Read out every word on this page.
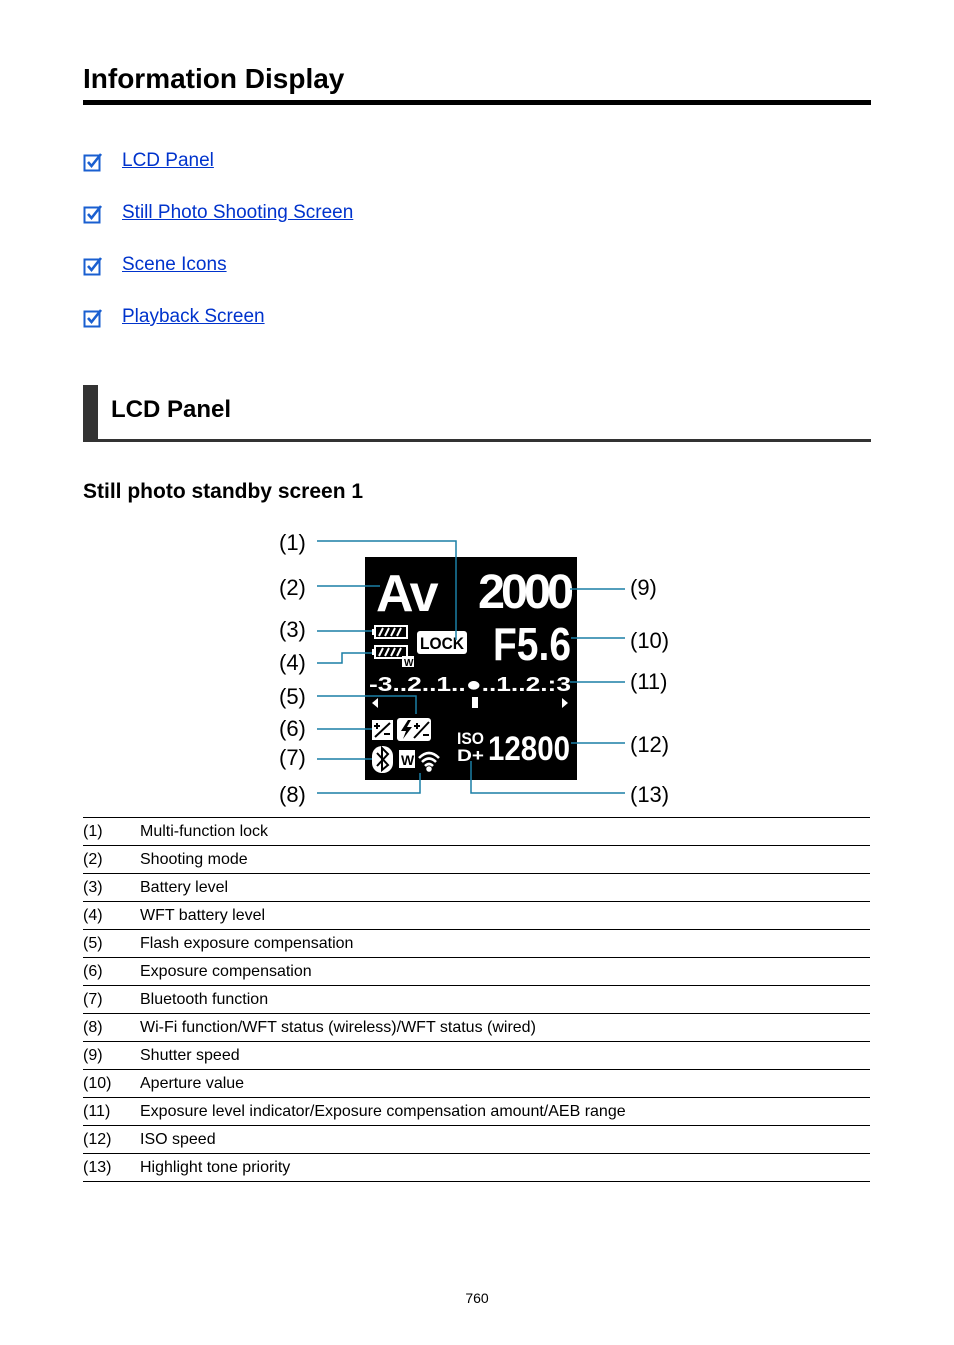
Information Display
LCD Panel
Still Photo Shooting Screen
Scene Icons
Playback Screen
LCD Panel
Still photo standby screen 1
Av 2000
F5.6
W
LOCK
-3..2..1..●..1..2.:3
W
ISO
D+ 12800
(1)
(2)
(3)
(4)
(5)
(6)
(7)
(8)
(9)
(10)
(11)
(12)
(13)
(1)	Multi-function lock
(2)	Shooting mode
(3)	Battery level
(4)	WFT battery level
(5)	Flash exposure compensation
(6)	Exposure compensation
(7)	Bluetooth function
(8)	Wi-Fi function/WFT status (wireless)/WFT status (wired)
(9)	Shutter speed
(10)	Aperture value
(11)	Exposure level indicator/Exposure compensation amount/AEB range
(12)	ISO speed
(13)	Highlight tone priority
760
